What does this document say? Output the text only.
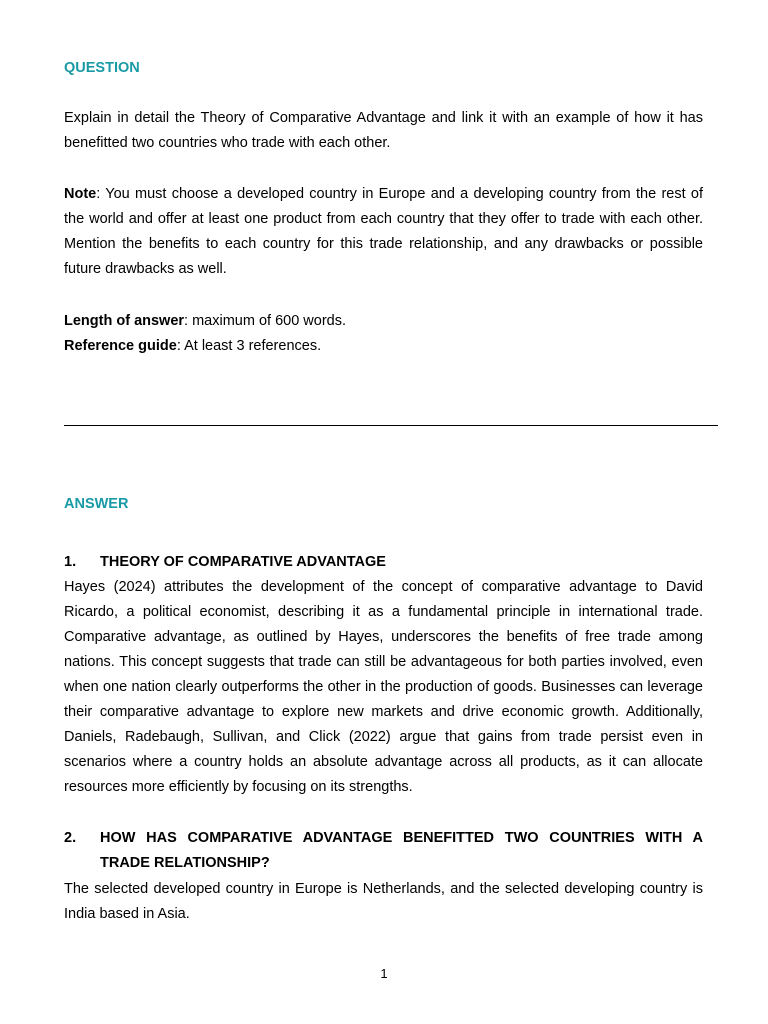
QUESTION

Explain in detail the Theory of Comparative Advantage and link it with an example of how it has benefitted two countries who trade with each other.

Note: You must choose a developed country in Europe and a developing country from the rest of the world and offer at least one product from each country that they offer to trade with each other. Mention the benefits to each country for this trade relationship, and any drawbacks or possible future drawbacks as well.

Length of answer: maximum of 600 words.
Reference guide: At least 3 references.
ANSWER
1. THEORY OF COMPARATIVE ADVANTAGE

Hayes (2024) attributes the development of the concept of comparative advantage to David Ricardo, a political economist, describing it as a fundamental principle in international trade. Comparative advantage, as outlined by Hayes, underscores the benefits of free trade among nations. This concept suggests that trade can still be advantageous for both parties involved, even when one nation clearly outperforms the other in the production of goods. Businesses can leverage their comparative advantage to explore new markets and drive economic growth. Additionally, Daniels, Radebaugh, Sullivan, and Click (2022) argue that gains from trade persist even in scenarios where a country holds an absolute advantage across all products, as it can allocate resources more efficiently by focusing on its strengths.

2. HOW HAS COMPARATIVE ADVANTAGE BENEFITTED TWO COUNTRIES WITH A TRADE RELATIONSHIP?

The selected developed country in Europe is Netherlands, and the selected developing country is India based in Asia.

1
